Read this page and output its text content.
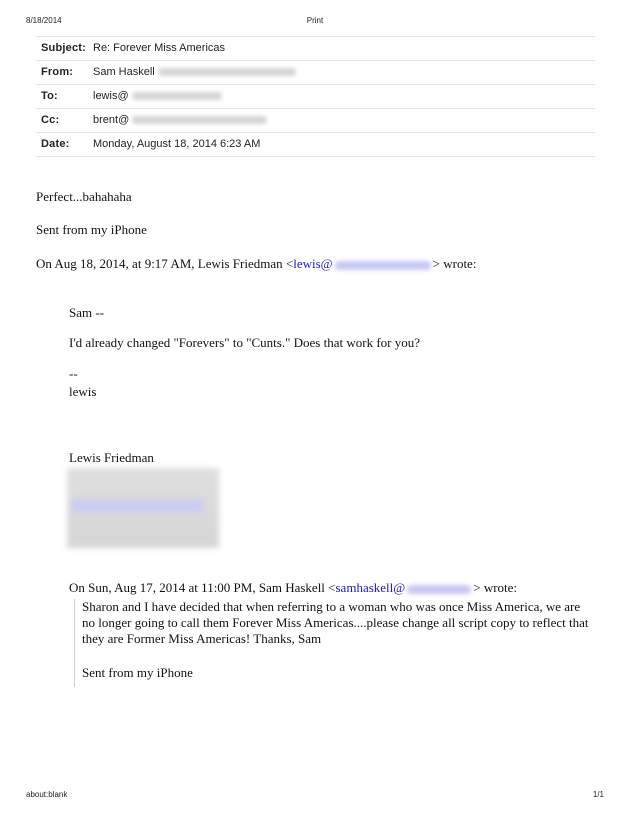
8/18/2014	Print
Subject: Re: Forever Miss Americas
From: Sam Haskell
To:	lewis@
Cc:	brent@
Date: Monday, August 18, 2014 6:23 AM
Perfect...bahahaha
Sent from my iPhone
On Aug 18, 2014, at 9:17 AM, Lewis Friedman <lewis@	> wrote:
Sam --
I'd already changed "Forevers" to "Cunts." Does that work for you?
--
lewis
Lewis Friedman
On Sun, Aug 17, 2014 at 11:00 PM, Sam Haskell <samhaskell@	> wrote:
Sharon and I have decided that when referring to a woman who was once Miss America, we are
no longer going to call them Forever Miss Americas....please change all script copy to reflect that
they are Former Miss Americas! Thanks, Sam
Sent from my iPhone
about:blank	1/1
